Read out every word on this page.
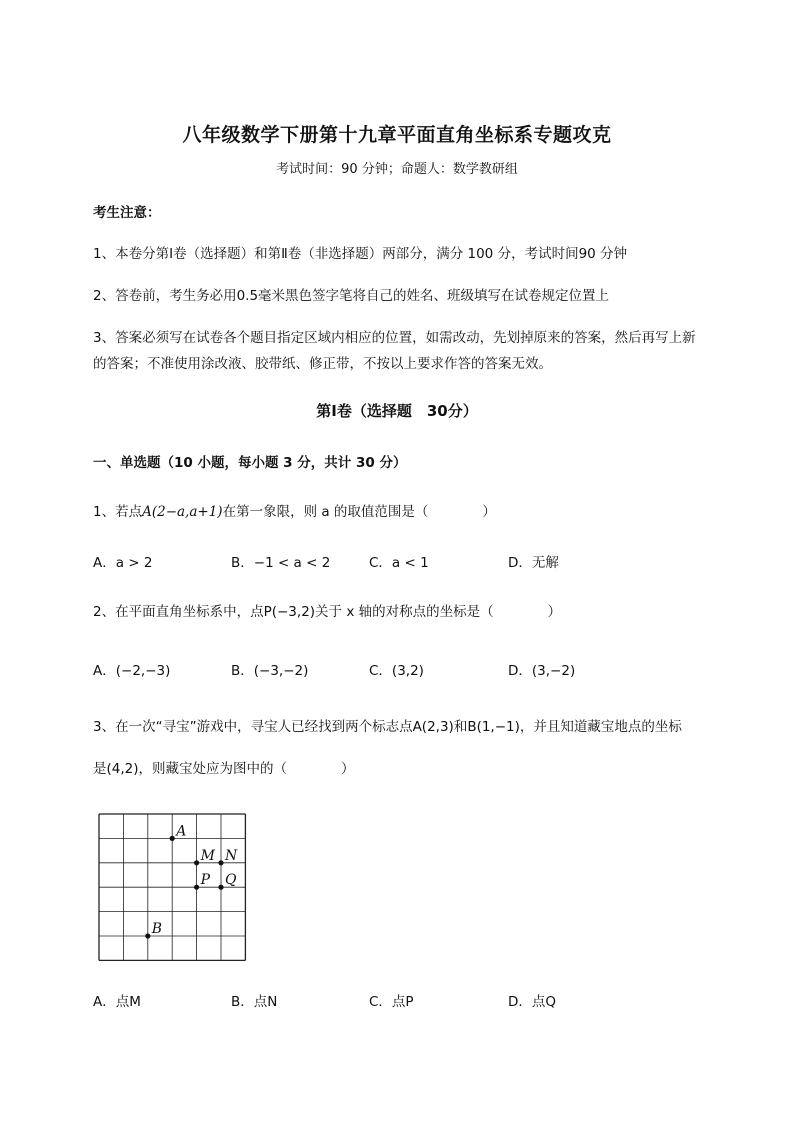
八年级数学下册第十九章平面直角坐标系专题攻克
考试时间：90 分钟；命题人：数学教研组
考生注意：
1、本卷分第Ⅰ卷（选择题）和第Ⅱ卷（非选择题）两部分，满分 100 分，考试时间90 分钟
2、答卷前，考生务必用0.5毫米黑色签字笔将自己的姓名、班级填写在试卷规定位置上
3、答案必须写在试卷各个题目指定区域内相应的位置，如需改动，先划掉原来的答案，然后再写上新
的答案；不准使用涂改液、胶带纸、修正带，不按以上要求作答的答案无效。
第Ⅰ卷（选择题　30分）
一、单选题（10 小题，每小题 3 分，共计 30 分）
1、若点A(2−a,a+1)在第一象限，则 a 的取值范围是（　　　　）
A．a > 2	B．−1 < a < 2	C．a < 1	D．无解
2、在平面直角坐标系中，点P(−3,2)关于 x 轴的对称点的坐标是（　　　　）
A．(−2,−3)	B．(−3,−2)	C．(3,2)	D．(3,−2)
3、在一次“寻宝”游戏中，寻宝人已经找到两个标志点A(2,3)和B(1,−1)，并且知道藏宝地点的坐标
是(4,2)，则藏宝处应为图中的（　　　　）
A
M N
P Q
B
A．点M	B．点N	C．点P	D．点Q
